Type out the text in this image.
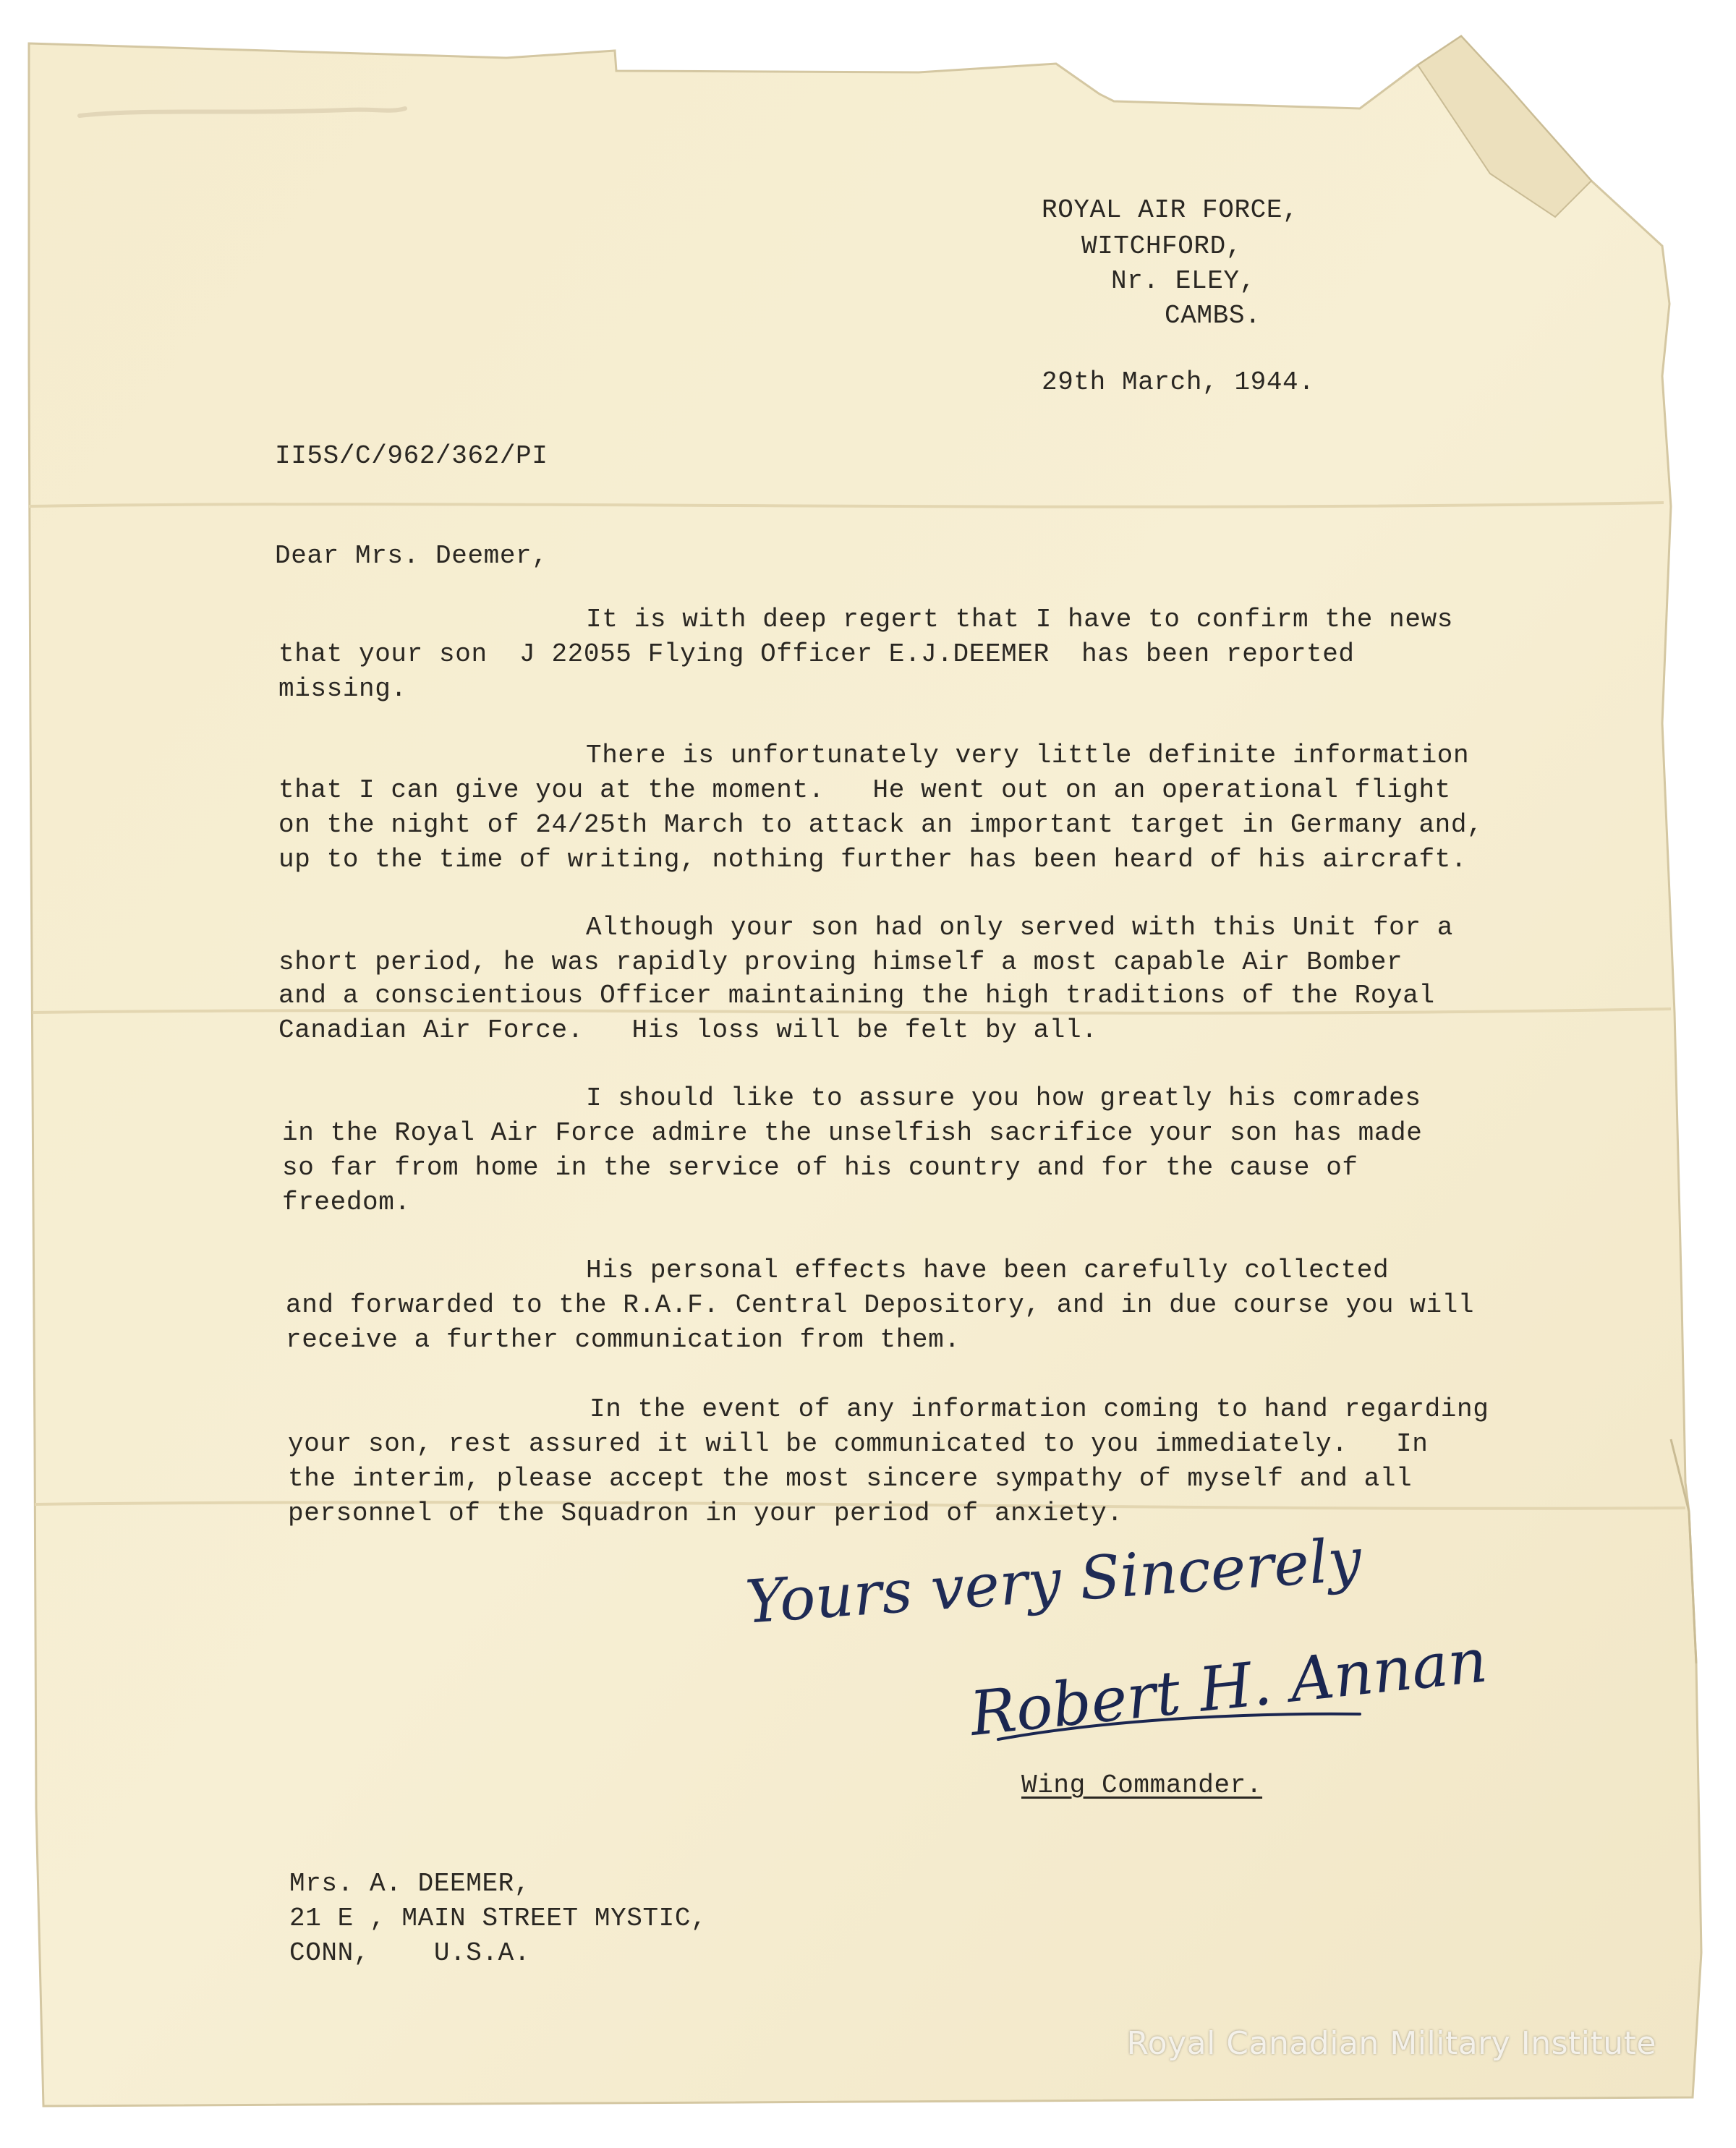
ROYAL AIR FORCE,
WITCHFORD,
Nr. ELEY,
CAMBS.
29th March, 1944.
II5S/C/962/362/PI
Dear Mrs. Deemer,
It is with deep regert that I have to confirm the news
that your son  J 22055 Flying Officer E.J.DEEMER  has been reported
missing.
There is unfortunately very little definite information
that I can give you at the moment.   He went out on an operational flight
on the night of 24/25th March to attack an important target in Germany and,
up to the time of writing, nothing further has been heard of his aircraft.
Although your son had only served with this Unit for a
short period, he was rapidly proving himself a most capable Air Bomber
and a conscientious Officer maintaining the high traditions of the Royal
Canadian Air Force.   His loss will be felt by all.
I should like to assure you how greatly his comrades
in the Royal Air Force admire the unselfish sacrifice your son has made
so far from home in the service of his country and for the cause of
freedom.
His personal effects have been carefully collected
and forwarded to the R.A.F. Central Depository, and in due course you will
receive a further communication from them.
In the event of any information coming to hand regarding
your son, rest assured it will be communicated to you immediately.   In
the interim, please accept the most sincere sympathy of myself and all
personnel of the Squadron in your period of anxiety.
Yours very Sincerely
Robert H. Annan
Wing Commander.
Mrs. A. DEEMER,
21 E , MAIN STREET MYSTIC,
CONN,    U.S.A.
Royal Canadian Military Institute
